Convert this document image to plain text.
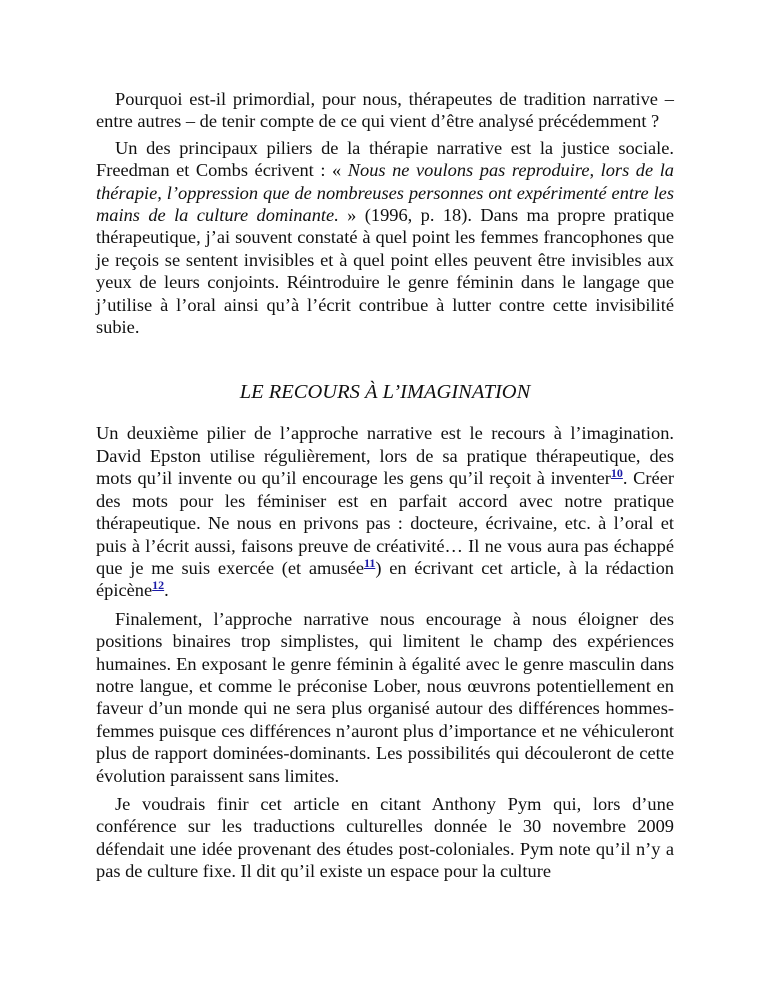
Pourquoi est-il primordial, pour nous, thérapeutes de tradition narrative – entre autres – de tenir compte de ce qui vient d’être analysé précédemment ?

Un des principaux piliers de la thérapie narrative est la justice sociale. Freedman et Combs écrivent : « Nous ne voulons pas reproduire, lors de la thérapie, l’oppression que de nombreuses personnes ont expérimenté entre les mains de la culture dominante. » (1996, p. 18). Dans ma propre pratique thérapeutique, j’ai souvent constaté à quel point les femmes francophones que je reçois se sentent invisibles et à quel point elles peuvent être invisibles aux yeux de leurs conjoints. Réintroduire le genre féminin dans le langage que j’utilise à l’oral ainsi qu’à l’écrit contribue à lutter contre cette invisibilité subie.

LE RECOURS À L’IMAGINATION

Un deuxième pilier de l’approche narrative est le recours à l’imagination. David Epston utilise régulièrement, lors de sa pratique thérapeutique, des mots qu’il invente ou qu’il encourage les gens qu’il reçoit à inventer$^{10}$. Créer des mots pour les féminiser est en parfait accord avec notre pratique thérapeutique. Ne nous en privons pas : docteure, écrivaine, etc. à l’oral et puis à l’écrit aussi, faisons preuve de créativité… Il ne vous aura pas échappé que je me suis exercée (et amusée$^{11}$) en écrivant cet article, à la rédaction épicène$^{12}$.

Finalement, l’approche narrative nous encourage à nous éloigner des positions binaires trop simplistes, qui limitent le champ des expériences humaines. En exposant le genre féminin à égalité avec le genre masculin dans notre langue, et comme le préconise Lober, nous œuvrons potentiellement en faveur d’un monde qui ne sera plus organisé autour des différences hommes-femmes puisque ces différences n’auront plus d’importance et ne véhiculeront plus de rapport dominées-dominants. Les possibilités qui découleront de cette évolution paraissent sans limites.

Je voudrais finir cet article en citant Anthony Pym qui, lors d’une conférence sur les traductions culturelles donnée le 30 novembre 2009 défendait une idée provenant des études post-coloniales. Pym note qu’il n’y a pas de culture fixe. Il dit qu’il existe un espace pour la culture
